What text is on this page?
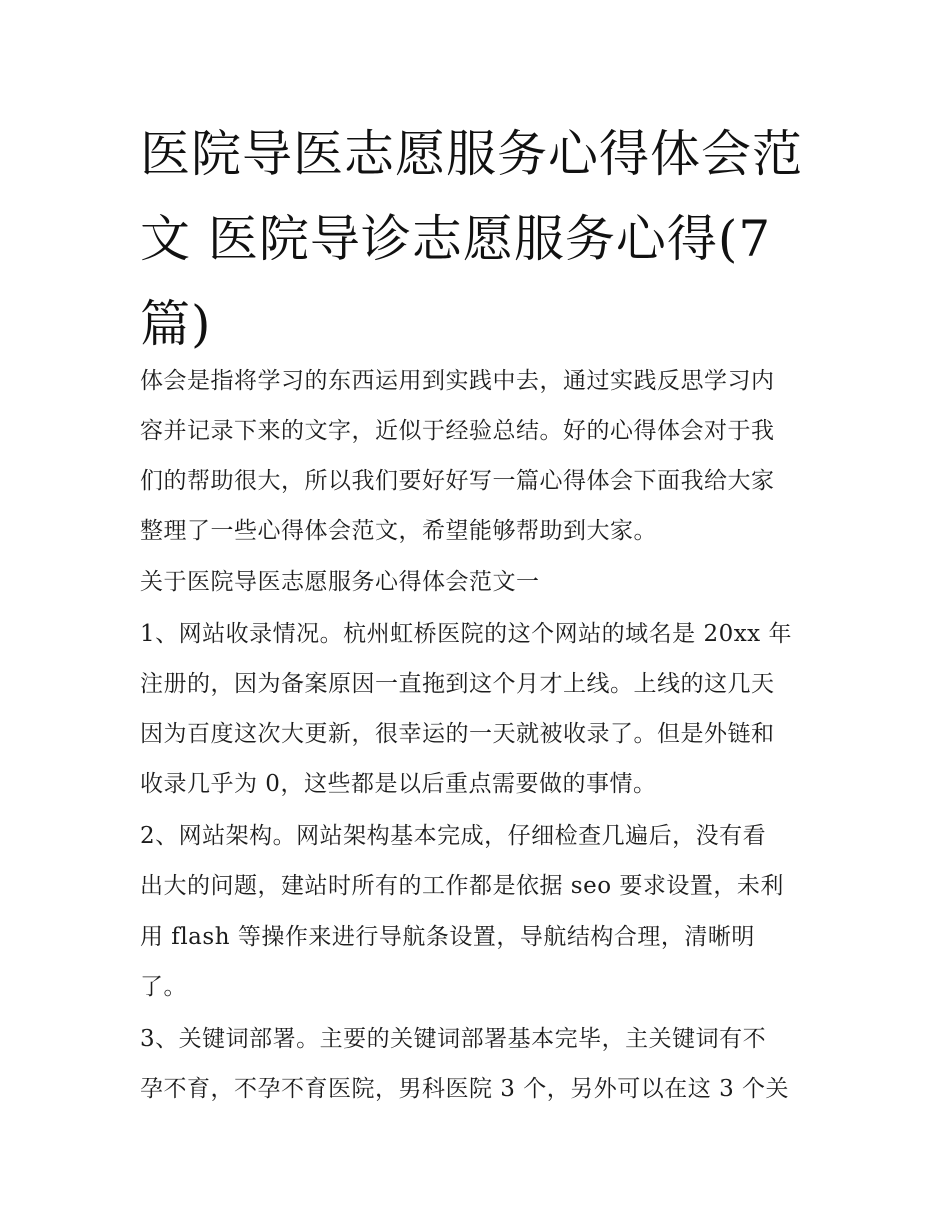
医院导医志愿服务心得体会范文 医院导诊志愿服务心得(7篇)

体会是指将学习的东西运用到实践中去，通过实践反思学习内

容并记录下来的文字，近似于经验总结。好的心得体会对于我

们的帮助很大，所以我们要好好写一篇心得体会下面我给大家

整理了一些心得体会范文，希望能够帮助到大家。

关于医院导医志愿服务心得体会范文一

1、网站收录情况。杭州虹桥医院的这个网站的域名是 20xx 年

注册的，因为备案原因一直拖到这个月才上线。上线的这几天

因为百度这次大更新，很幸运的一天就被收录了。但是外链和

收录几乎为 0，这些都是以后重点需要做的事情。

2、网站架构。网站架构基本完成，仔细检查几遍后，没有看

出大的问题，建站时所有的工作都是依据 seo 要求设置，未利

用 flash 等操作来进行导航条设置，导航结构合理，清晰明

了。

3、关键词部署。主要的关键词部署基本完毕，主关键词有不

孕不育，不孕不育医院，男科医院 3 个，另外可以在这 3 个关
